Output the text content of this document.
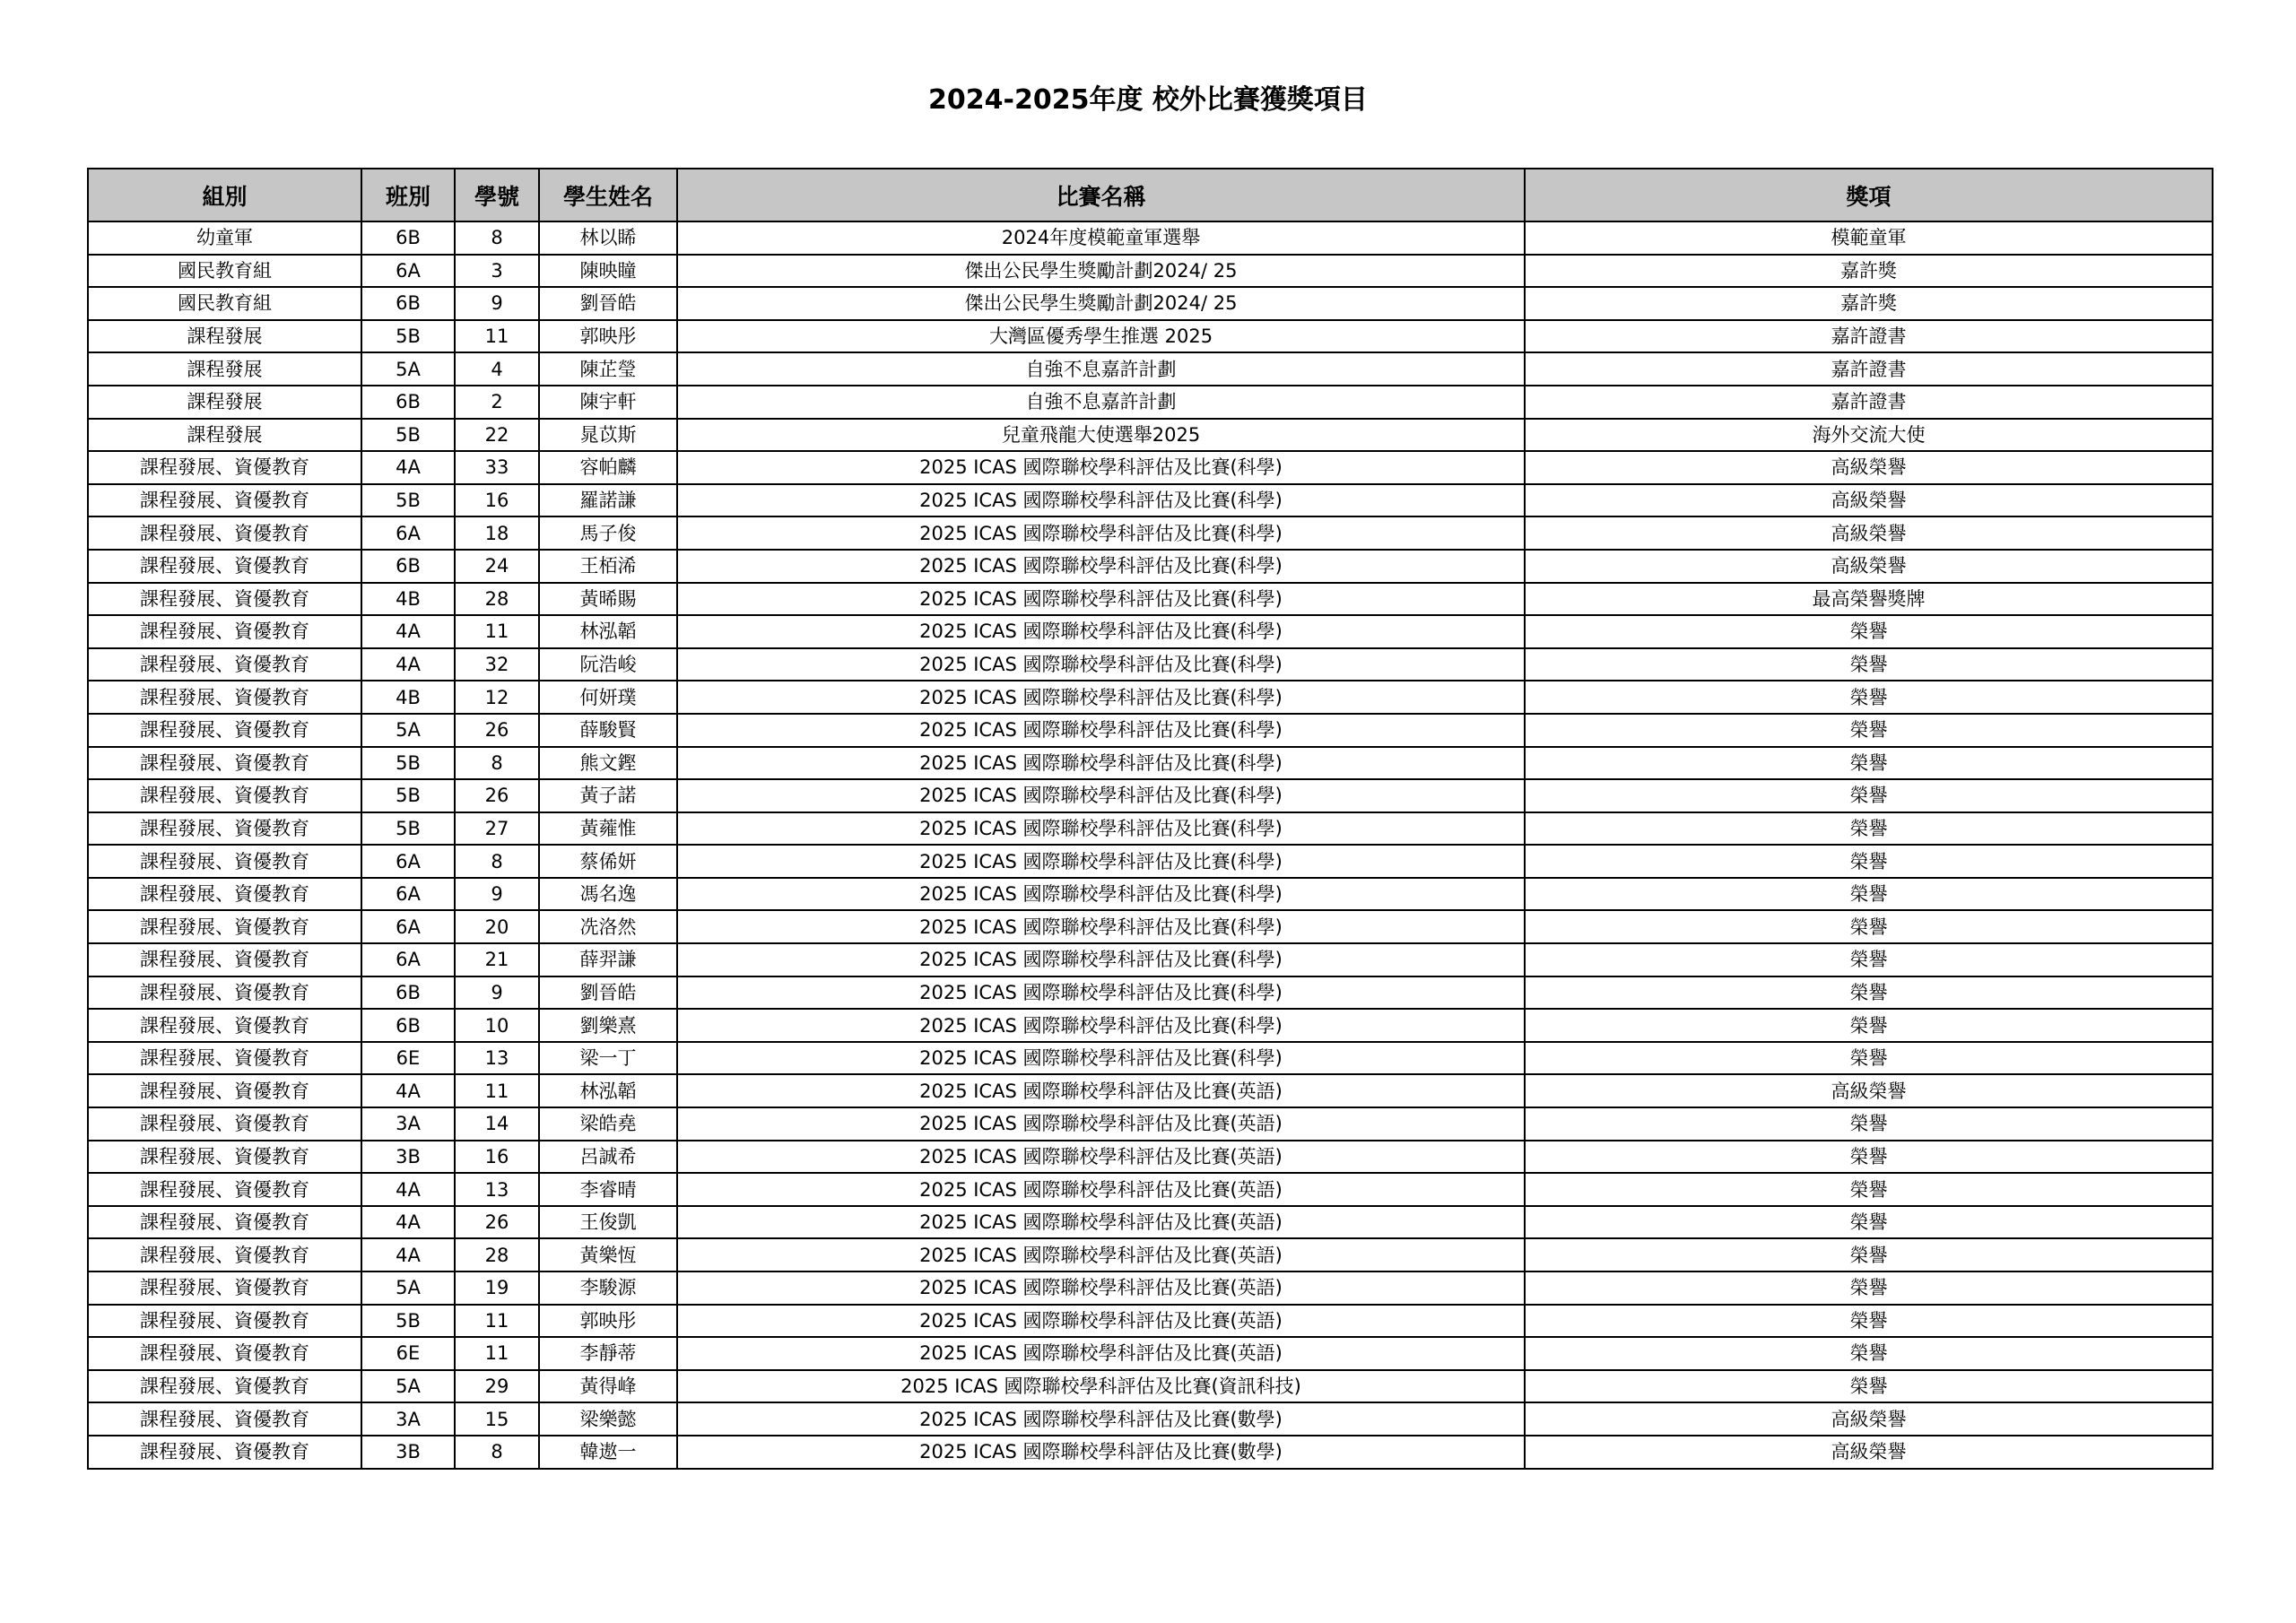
2024-2025年度 校外比賽獲獎項目
組別	班別	學號	學生姓名	比賽名稱	獎項
幼童軍	6B	8	林以睎	2024年度模範童軍選舉	模範童軍
國民教育組	6A	3	陳映瞳	傑出公民學生獎勵計劃2024/ 25	嘉許獎
國民教育組	6B	9	劉晉皓	傑出公民學生獎勵計劃2024/ 25	嘉許獎
課程發展	5B	11	郭映彤	大灣區優秀學生推選 2025	嘉許證書
課程發展	5A	4	陳芷瑩	自強不息嘉許計劃	嘉許證書
課程發展	6B	2	陳宇軒	自強不息嘉許計劃	嘉許證書
課程發展	5B	22	晁苡斯	兒童飛龍大使選舉2025	海外交流大使
課程發展、資優教育	4A	33	容帕麟	2025 ICAS 國際聯校學科評估及比賽(科學)	高級榮譽
課程發展、資優教育	5B	16	羅諾謙	2025 ICAS 國際聯校學科評估及比賽(科學)	高級榮譽
課程發展、資優教育	6A	18	馬子俊	2025 ICAS 國際聯校學科評估及比賽(科學)	高級榮譽
課程發展、資優教育	6B	24	王栢浠	2025 ICAS 國際聯校學科評估及比賽(科學)	高級榮譽
課程發展、資優教育	4B	28	黃晞賜	2025 ICAS 國際聯校學科評估及比賽(科學)	最高榮譽獎牌
課程發展、資優教育	4A	11	林泓韜	2025 ICAS 國際聯校學科評估及比賽(科學)	榮譽
課程發展、資優教育	4A	32	阮浩峻	2025 ICAS 國際聯校學科評估及比賽(科學)	榮譽
課程發展、資優教育	4B	12	何妍璞	2025 ICAS 國際聯校學科評估及比賽(科學)	榮譽
課程發展、資優教育	5A	26	薛駿賢	2025 ICAS 國際聯校學科評估及比賽(科學)	榮譽
課程發展、資優教育	5B	8	熊文鏗	2025 ICAS 國際聯校學科評估及比賽(科學)	榮譽
課程發展、資優教育	5B	26	黃子諾	2025 ICAS 國際聯校學科評估及比賽(科學)	榮譽
課程發展、資優教育	5B	27	黃蕹惟	2025 ICAS 國際聯校學科評估及比賽(科學)	榮譽
課程發展、資優教育	6A	8	蔡俙妍	2025 ICAS 國際聯校學科評估及比賽(科學)	榮譽
課程發展、資優教育	6A	9	馮名逸	2025 ICAS 國際聯校學科評估及比賽(科學)	榮譽
課程發展、資優教育	6A	20	冼洛然	2025 ICAS 國際聯校學科評估及比賽(科學)	榮譽
課程發展、資優教育	6A	21	薛羿謙	2025 ICAS 國際聯校學科評估及比賽(科學)	榮譽
課程發展、資優教育	6B	9	劉晉皓	2025 ICAS 國際聯校學科評估及比賽(科學)	榮譽
課程發展、資優教育	6B	10	劉樂熹	2025 ICAS 國際聯校學科評估及比賽(科學)	榮譽
課程發展、資優教育	6E	13	梁一丁	2025 ICAS 國際聯校學科評估及比賽(科學)	榮譽
課程發展、資優教育	4A	11	林泓韜	2025 ICAS 國際聯校學科評估及比賽(英語)	高級榮譽
課程發展、資優教育	3A	14	梁皓堯	2025 ICAS 國際聯校學科評估及比賽(英語)	榮譽
課程發展、資優教育	3B	16	呂誠希	2025 ICAS 國際聯校學科評估及比賽(英語)	榮譽
課程發展、資優教育	4A	13	李睿晴	2025 ICAS 國際聯校學科評估及比賽(英語)	榮譽
課程發展、資優教育	4A	26	王俊凱	2025 ICAS 國際聯校學科評估及比賽(英語)	榮譽
課程發展、資優教育	4A	28	黃樂恆	2025 ICAS 國際聯校學科評估及比賽(英語)	榮譽
課程發展、資優教育	5A	19	李駿源	2025 ICAS 國際聯校學科評估及比賽(英語)	榮譽
課程發展、資優教育	5B	11	郭映彤	2025 ICAS 國際聯校學科評估及比賽(英語)	榮譽
課程發展、資優教育	6E	11	李靜蒂	2025 ICAS 國際聯校學科評估及比賽(英語)	榮譽
課程發展、資優教育	5A	29	黃得峰	2025 ICAS 國際聯校學科評估及比賽(資訊科技)	榮譽
課程發展、資優教育	3A	15	梁樂懿	2025 ICAS 國際聯校學科評估及比賽(數學)	高級榮譽
課程發展、資優教育	3B	8	韓遨一	2025 ICAS 國際聯校學科評估及比賽(數學)	高級榮譽
